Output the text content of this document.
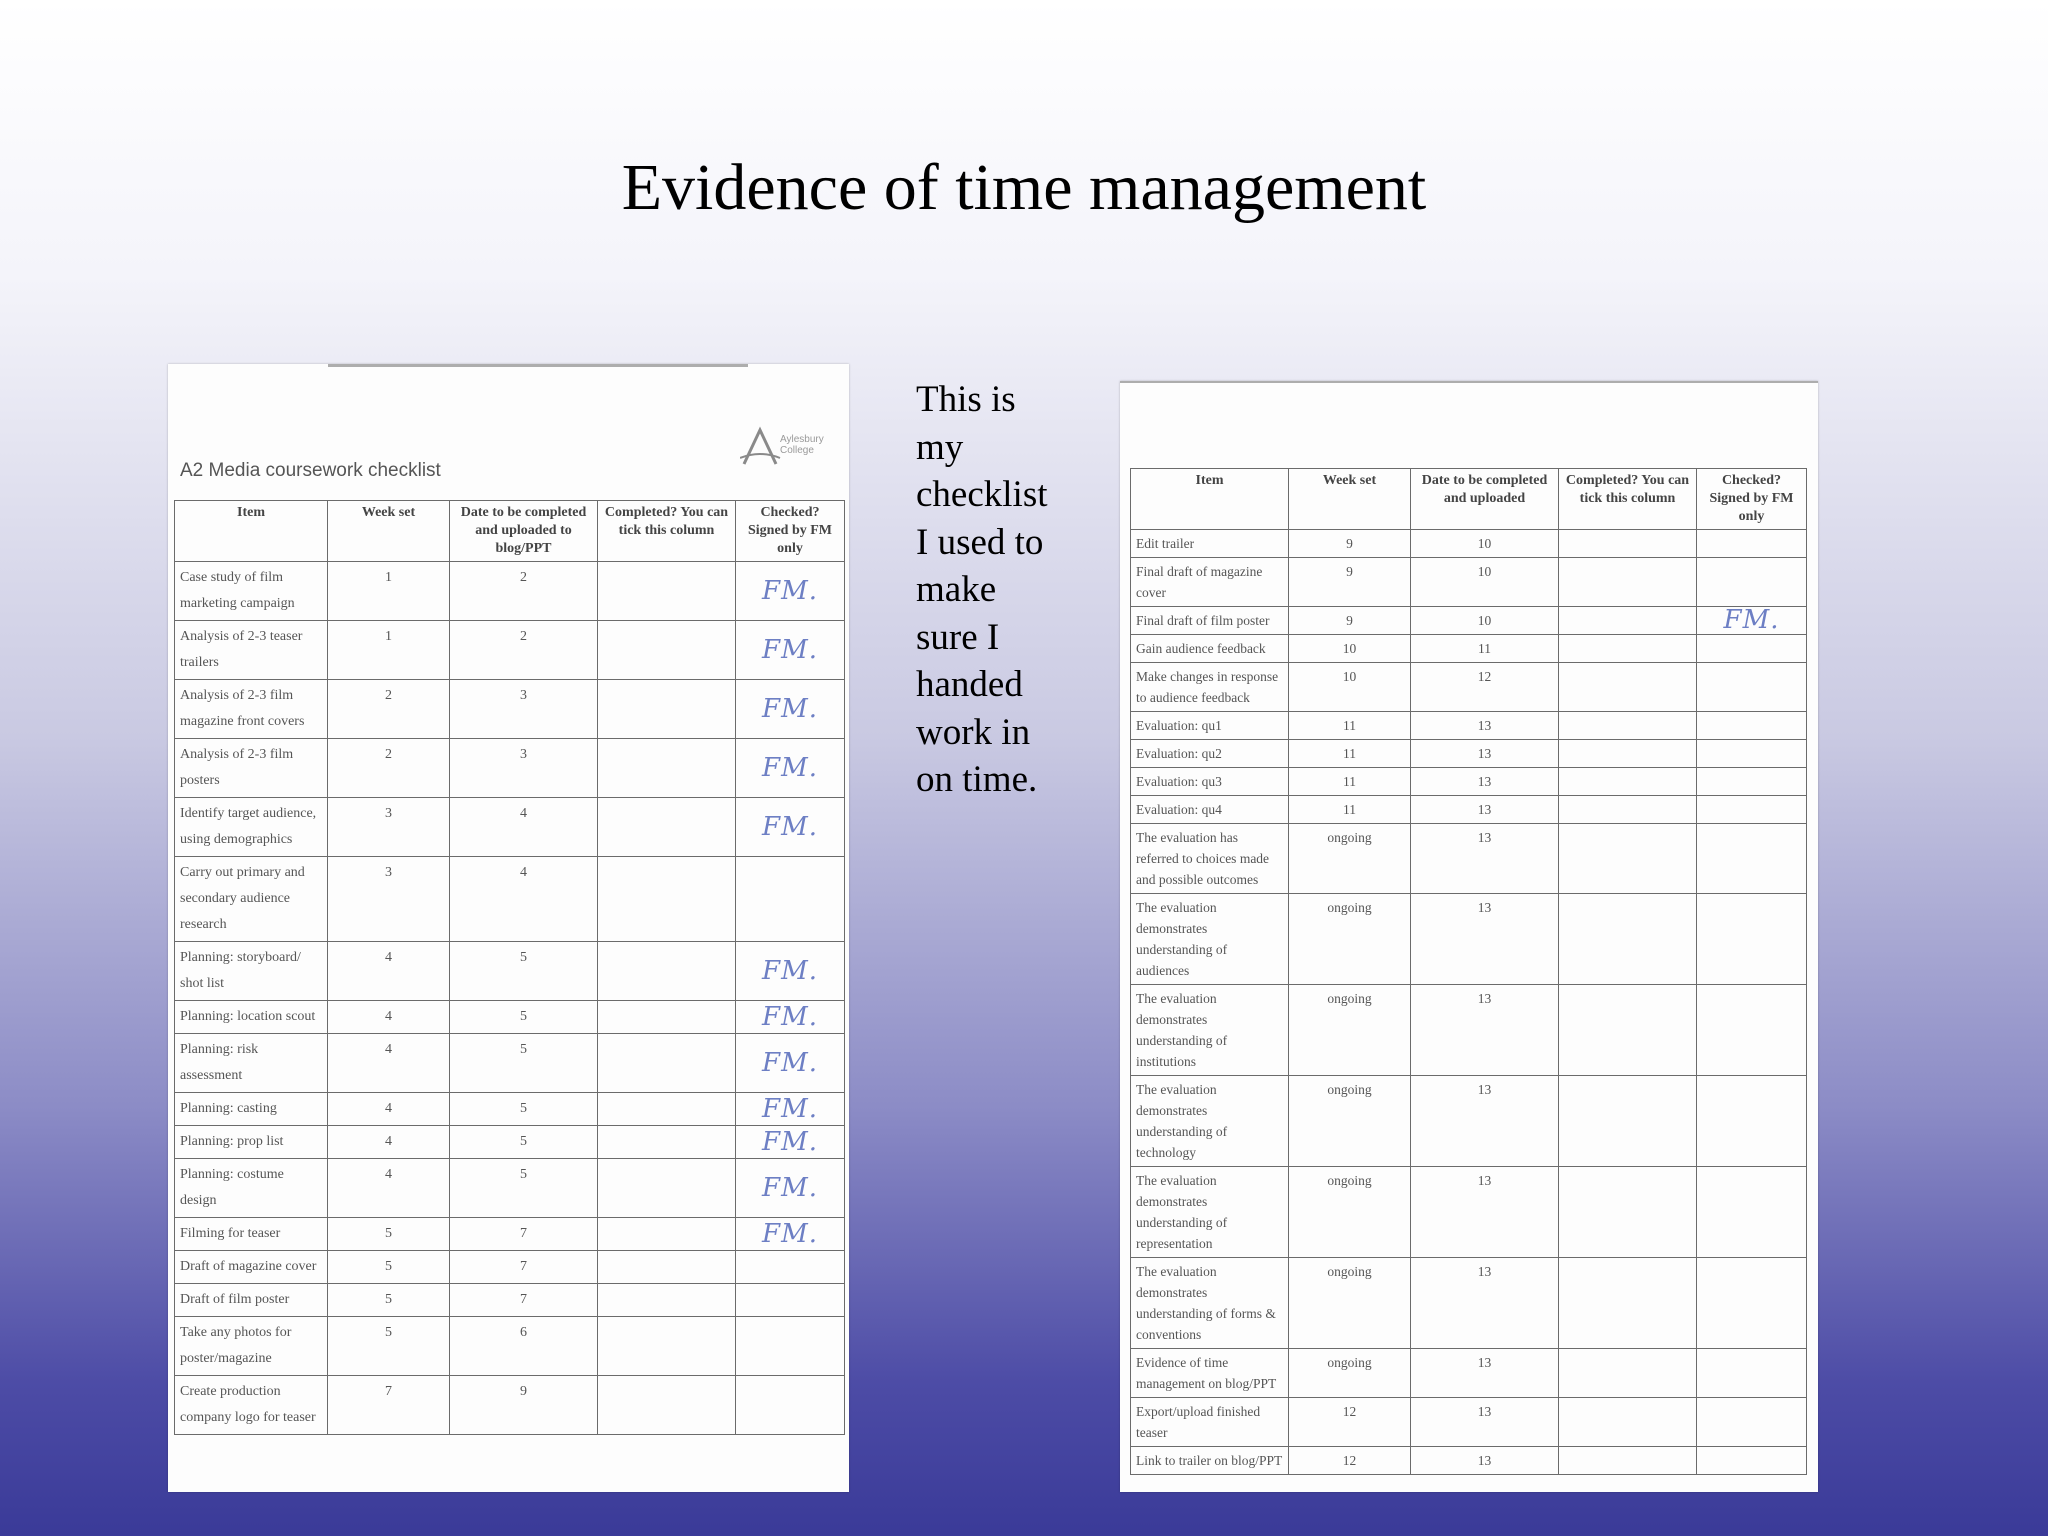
Evidence of time management
This is
my
checklist
I used to
make
sure I
handed
work in
on time.
A2 Media coursework checklist
Aylesbury College
Item	Week set	Date to be completed and uploaded to blog/PPT	Completed? You can tick this column	Checked? Signed by FM only
Case study of film marketing campaign	1	2		FM.
Analysis of 2-3 teaser trailers	1	2		FM.
Analysis of 2-3 film magazine front covers	2	3		FM.
Analysis of 2-3 film posters	2	3		FM.
Identify target audience, using demographics	3	4		FM.
Carry out primary and secondary audience research	3	4		
Planning: storyboard/ shot list	4	5		FM.
Planning: location scout	4	5		FM.
Planning: risk assessment	4	5		FM.
Planning: casting	4	5		FM.
Planning: prop list	4	5		FM.
Planning: costume design	4	5		FM.
Filming for teaser	5	7		FM.
Draft of magazine cover	5	7		
Draft of film poster	5	7		
Take any photos for poster/magazine	5	6		
Create production company logo for teaser	7	9		
Item	Week set	Date to be completed and uploaded	Completed? You can tick this column	Checked? Signed by FM only
Edit trailer	9	10		
Final draft of magazine cover	9	10		
Final draft of film poster	9	10		FM.
Gain audience feedback	10	11		
Make changes in response to audience feedback	10	12		
Evaluation: qu1	11	13		
Evaluation: qu2	11	13		
Evaluation: qu3	11	13		
Evaluation: qu4	11	13		
The evaluation has referred to choices made and possible outcomes	ongoing	13		
The evaluation demonstrates understanding of audiences	ongoing	13		
The evaluation demonstrates understanding of institutions	ongoing	13		
The evaluation demonstrates understanding of technology	ongoing	13		
The evaluation demonstrates understanding of representation	ongoing	13		
The evaluation demonstrates understanding of forms & conventions	ongoing	13		
Evidence of time management on blog/PPT	ongoing	13		
Export/upload finished teaser	12	13		
Link to trailer on blog/PPT	12	13		
